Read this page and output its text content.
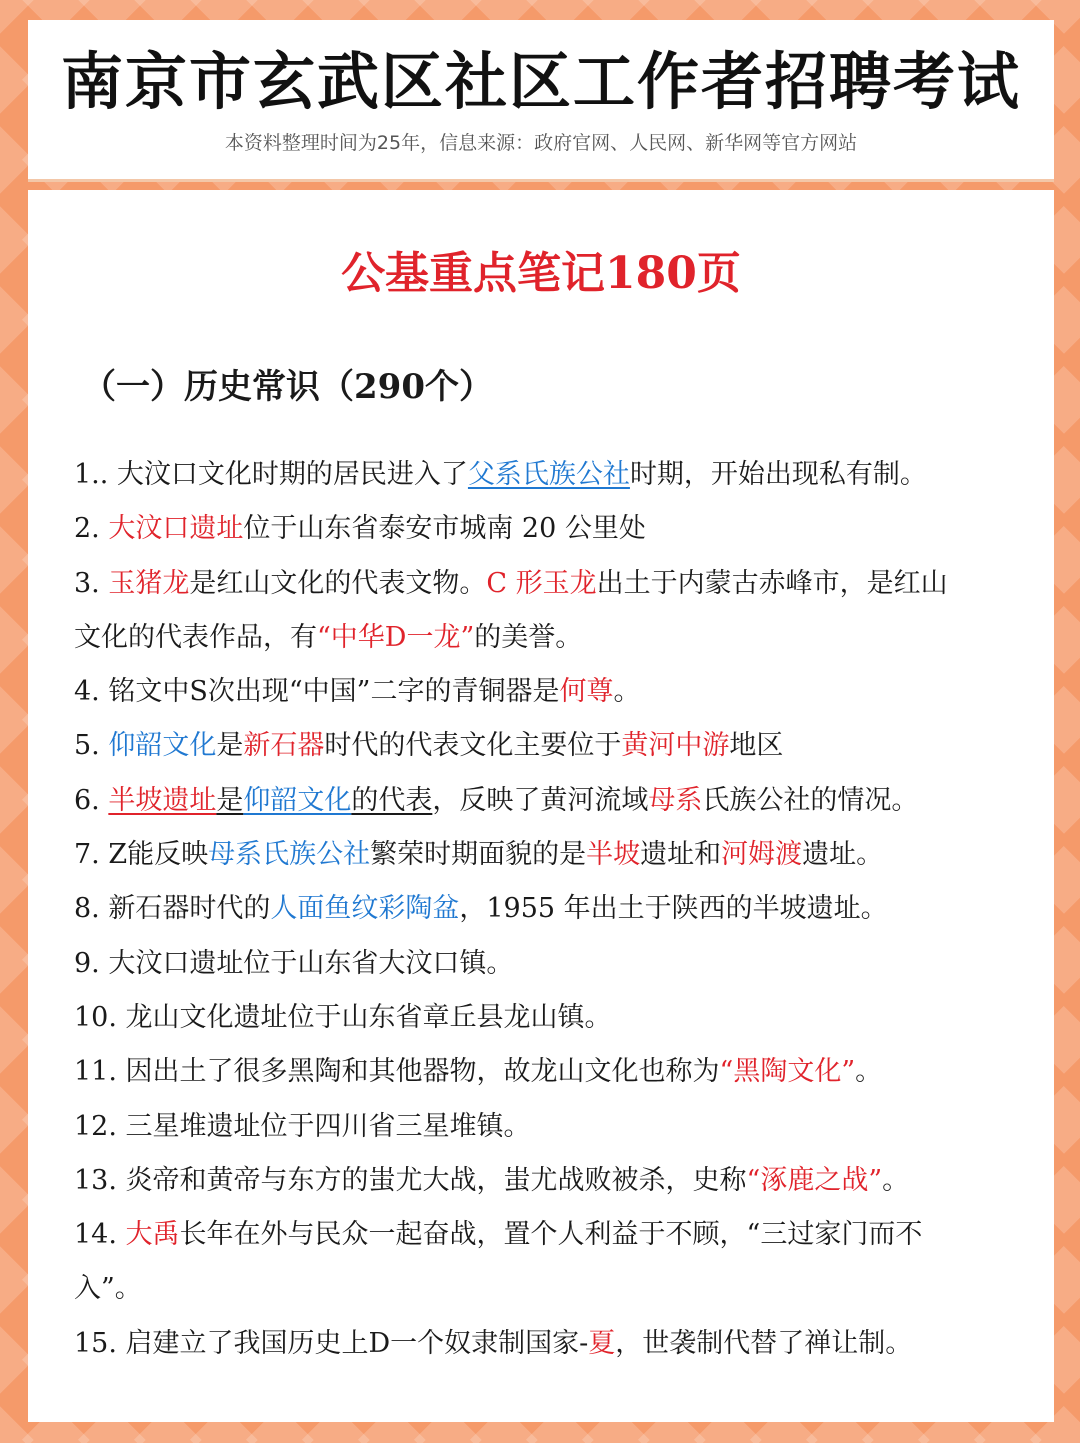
南京市玄武区社区工作者招聘考试
本资料整理时间为25年，信息来源：政府官网、人民网、新华网等官方网站
公基重点笔记180页
（一）历史常识（290个）
1.. 大汶口文化时期的居民进入了父系氏族公社时期，开始出现私有制。
2. 大汶口遗址位于山东省泰安市城南 20 公里处
3. 玉猪龙是红山文化的代表文物。C 形玉龙出土于内蒙古赤峰市，是红山
文化的代表作品，有“中华D一龙”的美誉。
4. 铭文中S次出现“中国”二字的青铜器是何尊。
5. 仰韶文化是新石器时代的代表文化主要位于黄河中游地区
6. 半坡遗址是仰韶文化的代表，反映了黄河流域母系氏族公社的情况。
7. Z能反映母系氏族公社繁荣时期面貌的是半坡遗址和河姆渡遗址。
8. 新石器时代的人面鱼纹彩陶盆，1955 年出土于陕西的半坡遗址。
9. 大汶口遗址位于山东省大汶口镇。
10. 龙山文化遗址位于山东省章丘县龙山镇。
11. 因出土了很多黑陶和其他器物，故龙山文化也称为“黑陶文化”。
12. 三星堆遗址位于四川省三星堆镇。
13. 炎帝和黄帝与东方的蚩尤大战，蚩尤战败被杀，史称“涿鹿之战”。
14. 大禹长年在外与民众一起奋战，置个人利益于不顾，“三过家门而不
入”。
15. 启建立了我国历史上D一个奴隶制国家-夏，世袭制代替了禅让制。
